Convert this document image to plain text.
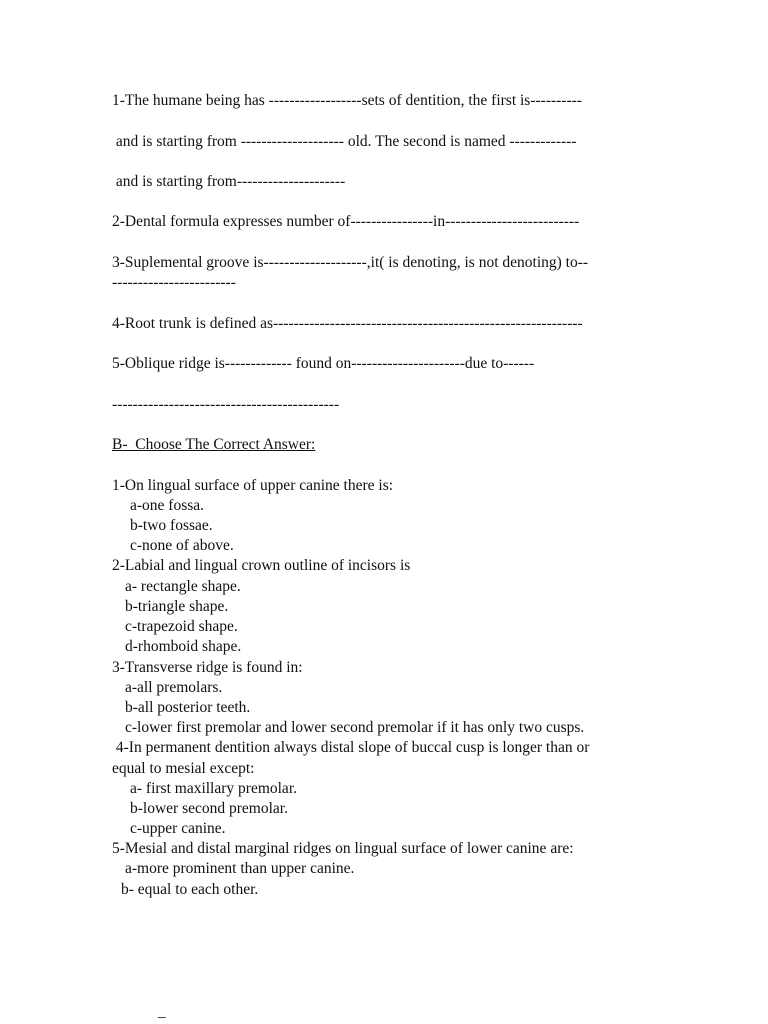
1-The humane being has ------------------sets of dentition, the first is----------
and is starting from -------------------- old. The second is named -------------
and is starting from---------------------
2-Dental formula expresses number of----------------in--------------------------
3-Suplemental groove is--------------------,it( is denoting, is not denoting) to--
------------------------
4-Root trunk is defined as------------------------------------------------------------
5-Oblique ridge is------------- found on----------------------due to------
--------------------------------------------
B-  Choose The Correct Answer:
1-On lingual surface of upper canine there is:
a-one fossa.
b-two fossae.
c-none of above.
2-Labial and lingual crown outline of incisors is
a- rectangle shape.
b-triangle shape.
c-trapezoid shape.
d-rhomboid shape.
3-Transverse ridge is found in:
a-all premolars.
b-all posterior teeth.
c-lower first premolar and lower second premolar if it has only two cusps.
4-In permanent dentition always distal slope of buccal cusp is longer than or
equal to mesial except:
a- first maxillary premolar.
b-lower second premolar.
c-upper canine.
5-Mesial and distal marginal ridges on lingual surface of lower canine are:
a-more prominent than upper canine.
b- equal to each other.
_
